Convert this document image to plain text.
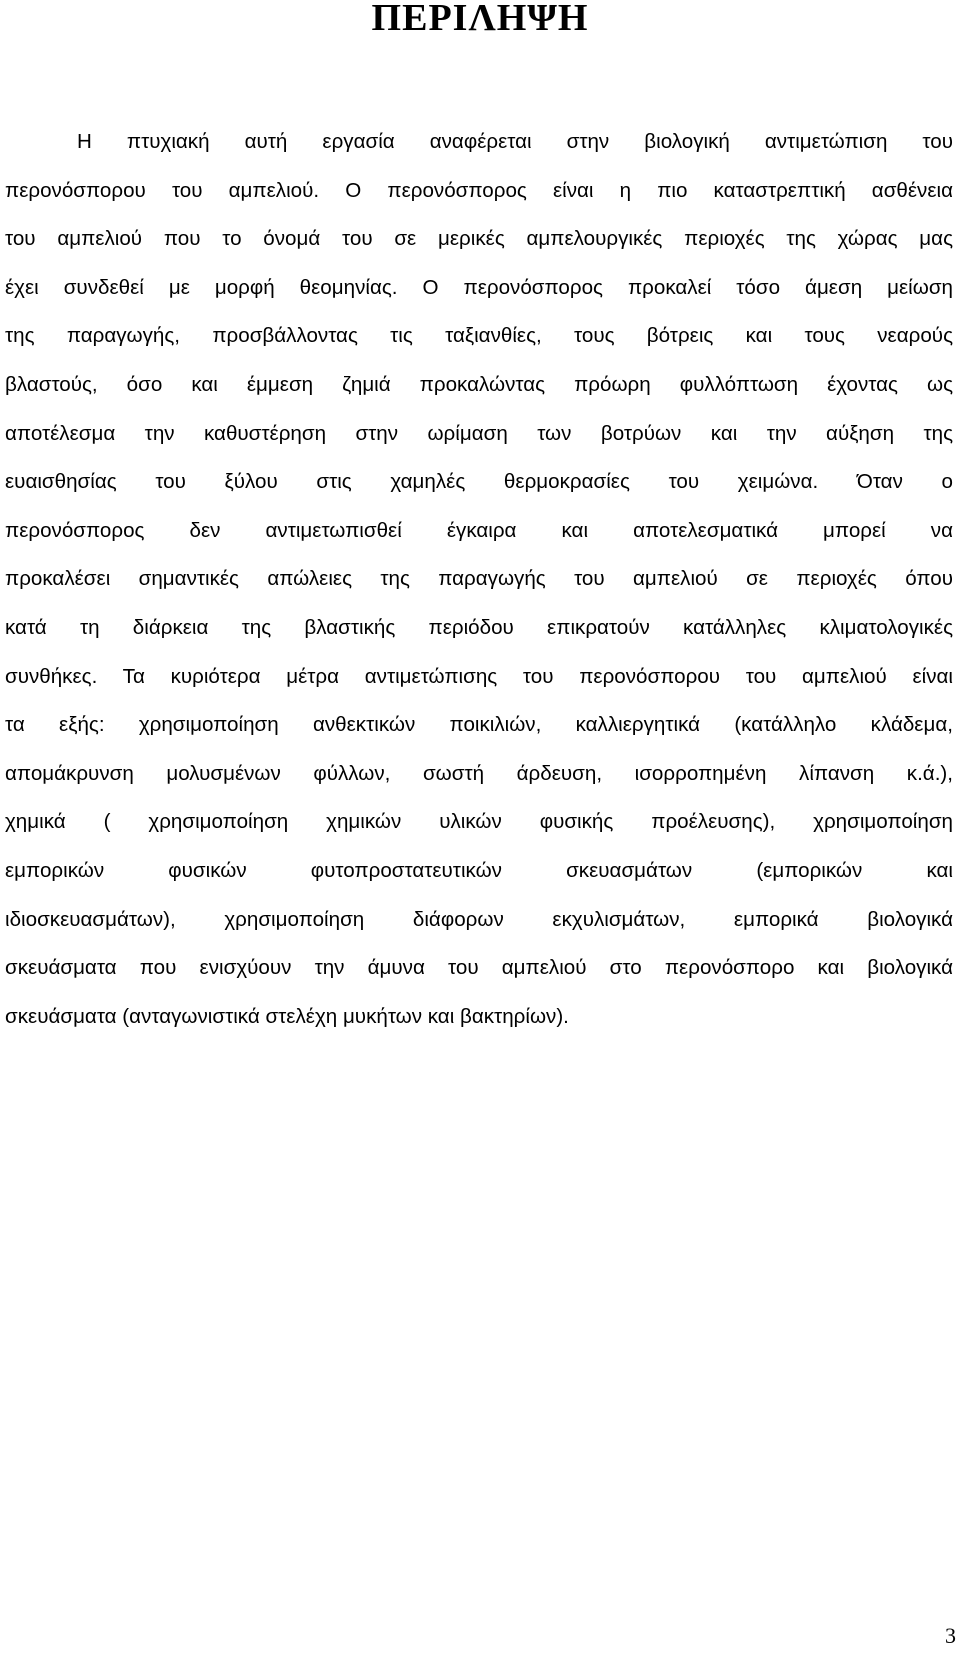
ΠΕΡΙΛΗΨΗ
Η πτυχιακή αυτή εργασία αναφέρεται στην βιολογική αντιμετώπιση του
περονόσπορου του αμπελιού. Ο περονόσπορος είναι η πιο καταστρεπτική ασθένεια
του αμπελιού που το όνομά του σε μερικές αμπελουργικές περιοχές της χώρας μας
έχει συνδεθεί με μορφή θεομηνίας. Ο περονόσπορος προκαλεί τόσο άμεση μείωση
της παραγωγής, προσβάλλοντας τις ταξιανθίες, τους βότρεις και τους νεαρούς
βλαστούς, όσο και έμμεση ζημιά προκαλώντας πρόωρη φυλλόπτωση έχοντας ως
αποτέλεσμα την καθυστέρηση στην ωρίμαση των βοτρύων και την αύξηση της
ευαισθησίας του ξύλου στις χαμηλές θερμοκρασίες του χειμώνα. Όταν ο
περονόσπορος δεν αντιμετωπισθεί έγκαιρα και αποτελεσματικά μπορεί να
προκαλέσει σημαντικές απώλειες της παραγωγής του αμπελιού σε περιοχές όπου
κατά τη διάρκεια της βλαστικής περιόδου επικρατούν κατάλληλες κλιματολογικές
συνθήκες. Τα κυριότερα μέτρα αντιμετώπισης του περονόσπορου του αμπελιού είναι
τα εξής: χρησιμοποίηση ανθεκτικών ποικιλιών, καλλιεργητικά (κατάλληλο κλάδεμα,
απομάκρυνση μολυσμένων φύλλων, σωστή άρδευση, ισορροπημένη λίπανση κ.ά.),
χημικά ( χρησιμοποίηση χημικών υλικών φυσικής προέλευσης), χρησιμοποίηση
εμπορικών φυσικών φυτοπροστατευτικών σκευασμάτων (εμπορικών και
ιδιοσκευασμάτων), χρησιμοποίηση διάφορων εκχυλισμάτων, εμπορικά βιολογικά
σκευάσματα που ενισχύουν την άμυνα του αμπελιού στο περονόσπορο και βιολογικά
σκευάσματα (ανταγωνιστικά στελέχη μυκήτων και βακτηρίων).
3
